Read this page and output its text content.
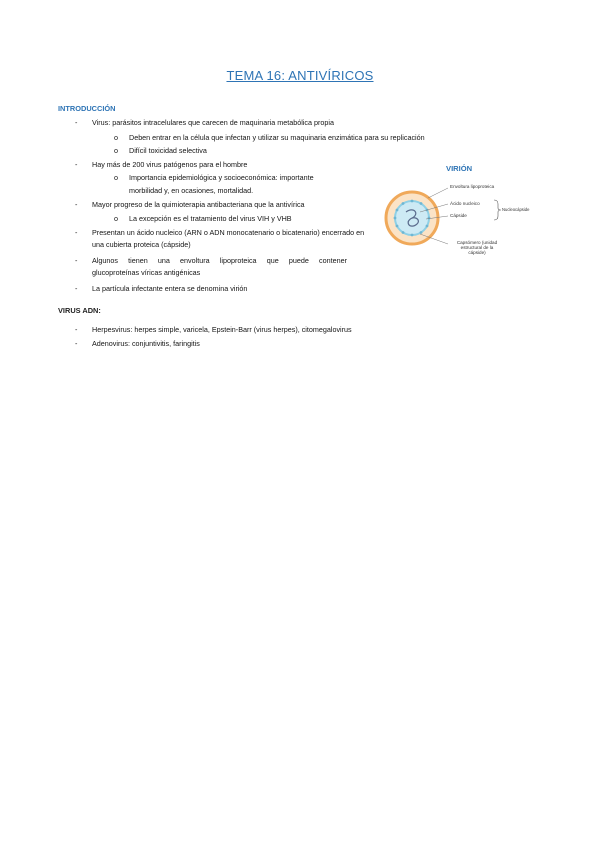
TEMA 16: ANTIVÍRICOS
INTRODUCCIÓN
- Virus: parásitos intracelulares que carecen de maquinaria metabólica propia
o Deben entrar en la célula que infectan y utilizar su maquinaria enzimática para su replicación
o Difícil toxicidad selectiva
- Hay más de 200 virus patógenos para el hombre
o Importancia epidemiológica y socioeconómica: importante
morbilidad y, en ocasiones, mortalidad.
- Mayor progreso de la quimioterapia antibacteriana que la antivírica
o La excepción es el tratamiento del virus VIH y VHB
- Presentan un ácido nucleico (ARN o ADN monocatenario o bicatenario) encerrado en
una cubierta proteica (cápside)
- Algunos tienen una envoltura lipoproteica que puede contener
glucoproteínas víricas antigénicas
- La partícula infectante entera se denomina virión
VIRUS ADN:
- Herpesvirus: herpes simple, varicela, Epstein-Barr (virus herpes), citomegalovirus
- Adenovirus: conjuntivitis, faringitis
VIRIÓN
Envoltura lipoproteica
Ácido nucleico
Cápside
Nucleocápside
Capsómero (unidad
estructural de la
cápside)
